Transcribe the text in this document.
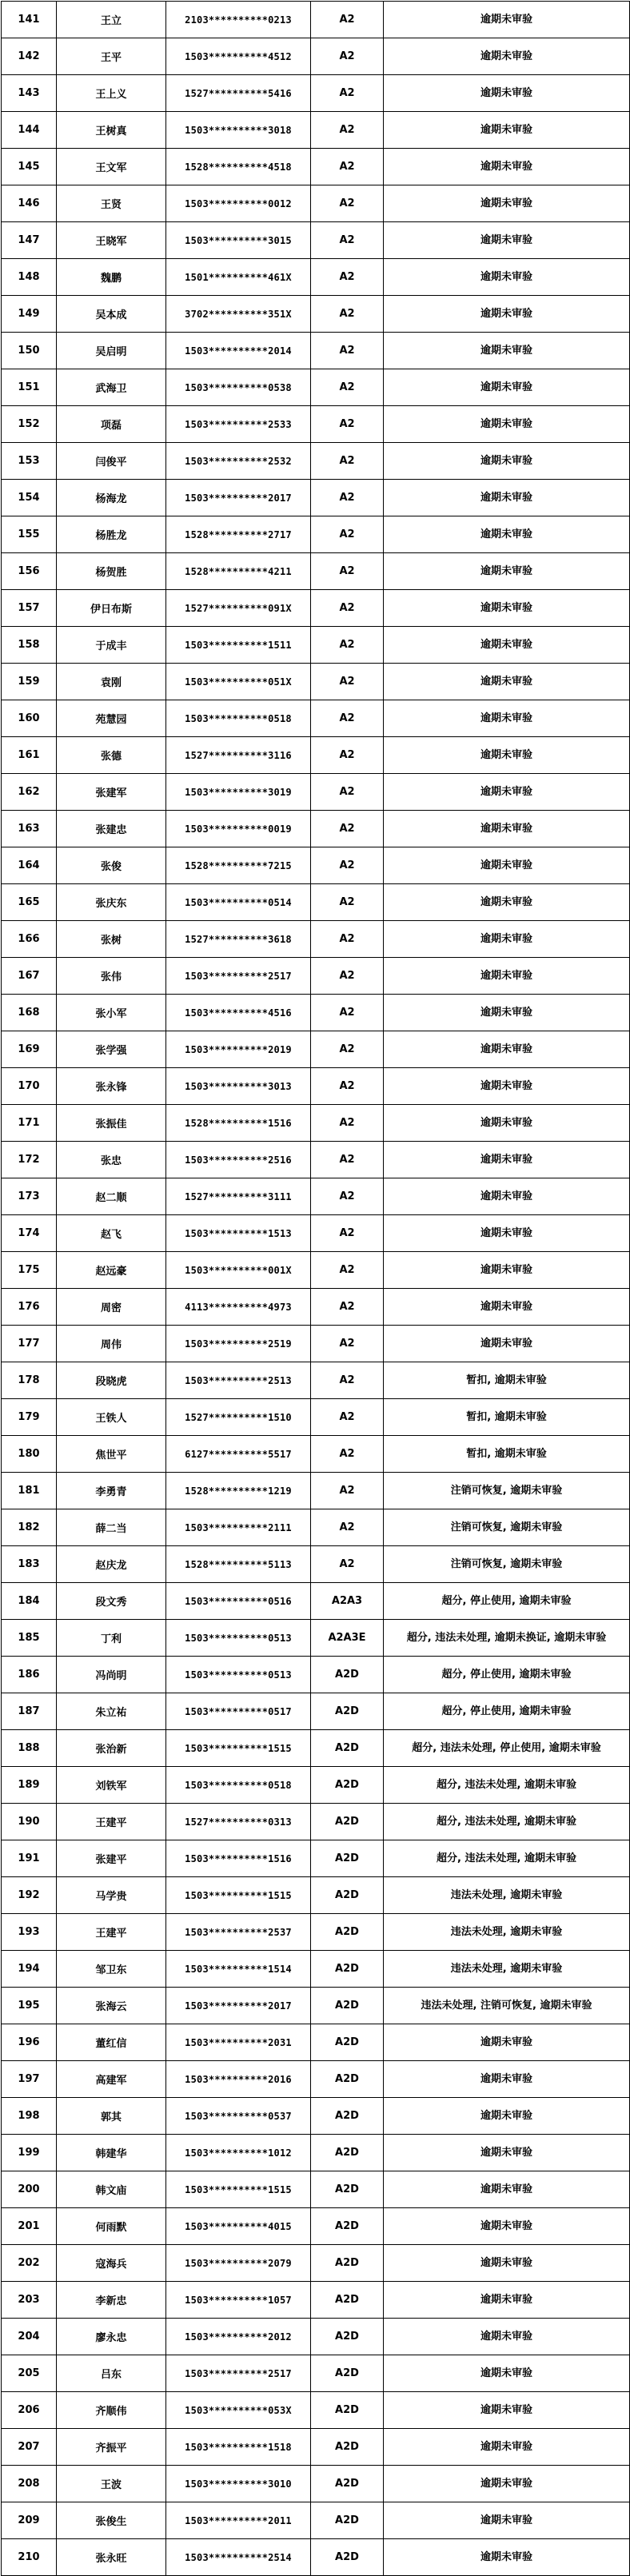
141	王立	2103**********0213	A2	逾期未审验
142	王平	1503**********4512	A2	逾期未审验
143	王上义	1527**********5416	A2	逾期未审验
144	王树真	1503**********3018	A2	逾期未审验
145	王文军	1528**********4518	A2	逾期未审验
146	王贤	1503**********0012	A2	逾期未审验
147	王晓军	1503**********3015	A2	逾期未审验
148	魏鹏	1501**********461X	A2	逾期未审验
149	吴本成	3702**********351X	A2	逾期未审验
150	吴启明	1503**********2014	A2	逾期未审验
151	武海卫	1503**********0538	A2	逾期未审验
152	项磊	1503**********2533	A2	逾期未审验
153	闫俊平	1503**********2532	A2	逾期未审验
154	杨海龙	1503**********2017	A2	逾期未审验
155	杨胜龙	1528**********2717	A2	逾期未审验
156	杨贺胜	1528**********4211	A2	逾期未审验
157	伊日布斯	1527**********091X	A2	逾期未审验
158	于成丰	1503**********1511	A2	逾期未审验
159	袁刚	1503**********051X	A2	逾期未审验
160	苑慧园	1503**********0518	A2	逾期未审验
161	张德	1527**********3116	A2	逾期未审验
162	张建军	1503**********3019	A2	逾期未审验
163	张建忠	1503**********0019	A2	逾期未审验
164	张俊	1528**********7215	A2	逾期未审验
165	张庆东	1503**********0514	A2	逾期未审验
166	张树	1527**********3618	A2	逾期未审验
167	张伟	1503**********2517	A2	逾期未审验
168	张小军	1503**********4516	A2	逾期未审验
169	张学强	1503**********2019	A2	逾期未审验
170	张永锋	1503**********3013	A2	逾期未审验
171	张振佳	1528**********1516	A2	逾期未审验
172	张忠	1503**********2516	A2	逾期未审验
173	赵二顺	1527**********3111	A2	逾期未审验
174	赵飞	1503**********1513	A2	逾期未审验
175	赵远豪	1503**********001X	A2	逾期未审验
176	周密	4113**********4973	A2	逾期未审验
177	周伟	1503**********2519	A2	逾期未审验
178	段晓虎	1503**********2513	A2	暂扣, 逾期未审验
179	王铁人	1527**********1510	A2	暂扣, 逾期未审验
180	焦世平	6127**********5517	A2	暂扣, 逾期未审验
181	李勇青	1528**********1219	A2	注销可恢复, 逾期未审验
182	薛二当	1503**********2111	A2	注销可恢复, 逾期未审验
183	赵庆龙	1528**********5113	A2	注销可恢复, 逾期未审验
184	段文秀	1503**********0516	A2A3	超分, 停止使用, 逾期未审验
185	丁利	1503**********0513	A2A3E	超分, 违法未处理, 逾期未换证, 逾期未审验
186	冯尚明	1503**********0513	A2D	超分, 停止使用, 逾期未审验
187	朱立祐	1503**********0517	A2D	超分, 停止使用, 逾期未审验
188	张治新	1503**********1515	A2D	超分, 违法未处理, 停止使用, 逾期未审验
189	刘铁军	1503**********0518	A2D	超分, 违法未处理, 逾期未审验
190	王建平	1527**********0313	A2D	超分, 违法未处理, 逾期未审验
191	张建平	1503**********1516	A2D	超分, 违法未处理, 逾期未审验
192	马学贵	1503**********1515	A2D	违法未处理, 逾期未审验
193	王建平	1503**********2537	A2D	违法未处理, 逾期未审验
194	邹卫东	1503**********1514	A2D	违法未处理, 逾期未审验
195	张海云	1503**********2017	A2D	违法未处理, 注销可恢复, 逾期未审验
196	董红信	1503**********2031	A2D	逾期未审验
197	高建军	1503**********2016	A2D	逾期未审验
198	郭其	1503**********0537	A2D	逾期未审验
199	韩建华	1503**********1012	A2D	逾期未审验
200	韩文庙	1503**********1515	A2D	逾期未审验
201	何雨默	1503**********4015	A2D	逾期未审验
202	寇海兵	1503**********2079	A2D	逾期未审验
203	李新忠	1503**********1057	A2D	逾期未审验
204	廖永忠	1503**********2012	A2D	逾期未审验
205	吕东	1503**********2517	A2D	逾期未审验
206	齐顺伟	1503**********053X	A2D	逾期未审验
207	齐振平	1503**********1518	A2D	逾期未审验
208	王波	1503**********3010	A2D	逾期未审验
209	张俊生	1503**********2011	A2D	逾期未审验
210	张永旺	1503**********2514	A2D	逾期未审验
